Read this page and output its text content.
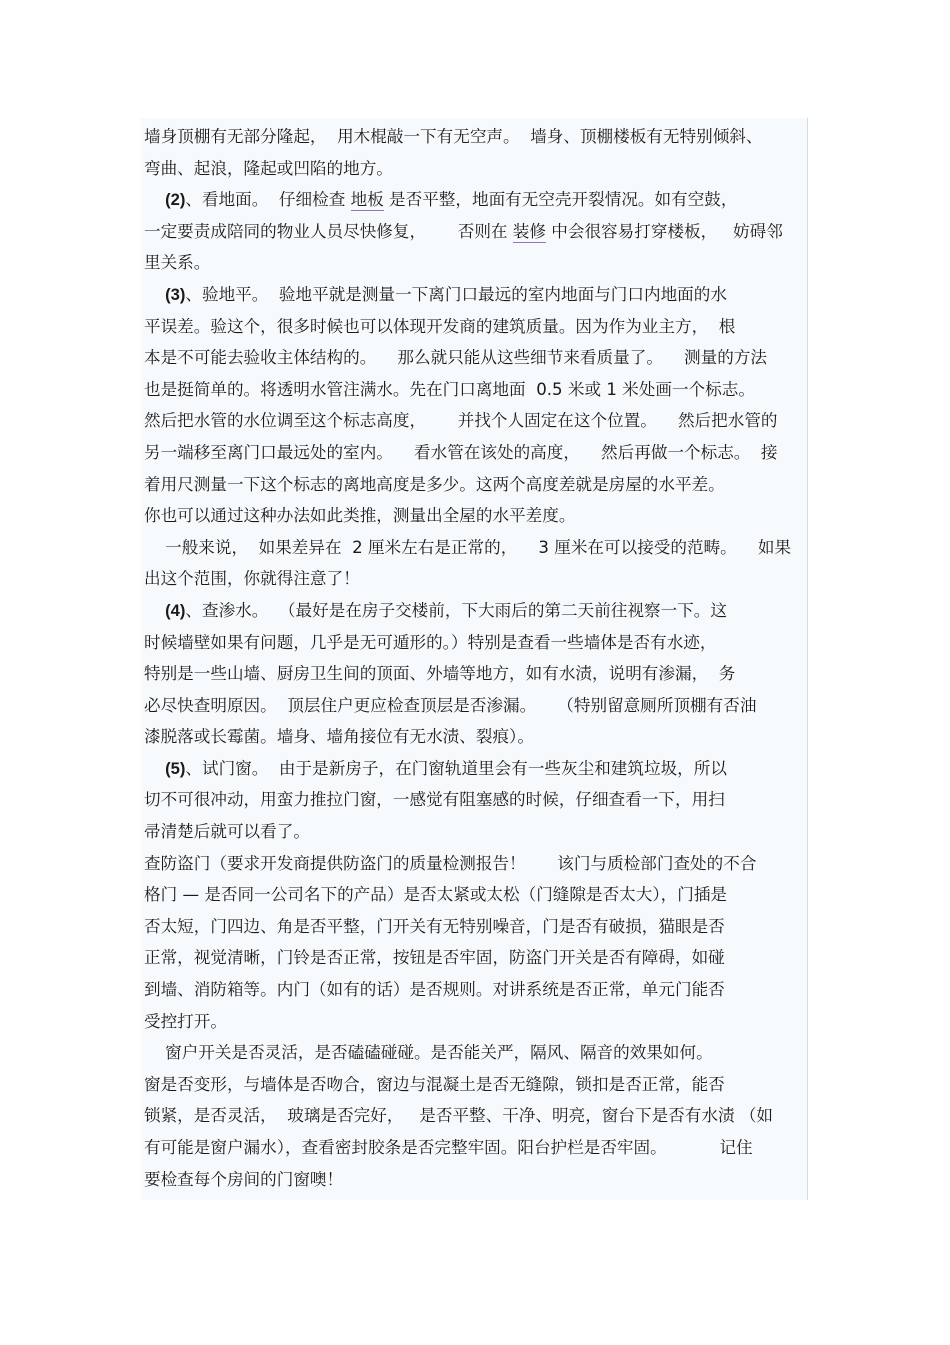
墙身顶棚有无部分隆起，  用木棍敲一下有无空声。  墙身、顶棚楼板有无特别倾斜、
弯曲、起浪，隆起或凹陷的地方。
(2)、看地面。  仔细检查 地板 是否平整，地面有无空壳开裂情况。如有空鼓，
一定要责成陪同的物业人员尽快修复，      否则在 装修 中会很容易打穿楼板，   妨碍邻
里关系。
(3)、验地平。  验地平就是测量一下离门口最远的室内地面与门口内地面的水
平误差。验这个，很多时候也可以体现开发商的建筑质量。因为作为业主方，  根
本是不可能去验收主体结构的。    那么就只能从这些细节来看质量了。    测量的方法
也是挺简单的。将透明水管注满水。先在门口离地面  0.5 米或 1 米处画一个标志。
然后把水管的水位调至这个标志高度，      并找个人固定在这个位置。    然后把水管的
另一端移至离门口最远处的室内。    看水管在该处的高度，    然后再做一个标志。  接
着用尺测量一下这个标志的离地高度是多少。这两个高度差就是房屋的水平差。
你也可以通过这种办法如此类推，测量出全屋的水平差度。
一般来说，  如果差异在  2 厘米左右是正常的，    3 厘米在可以接受的范畴。    如果
出这个范围，你就得注意了！
(4)、查渗水。  （最好是在房子交楼前，下大雨后的第二天前往视察一下。这
时候墙壁如果有问题，几乎是无可遁形的。）特别是查看一些墙体是否有水迹，
特别是一些山墙、厨房卫生间的顶面、外墙等地方，如有水渍，说明有渗漏，  务
必尽快查明原因。  顶层住户更应检查顶层是否渗漏。    （特别留意厕所顶棚有否油
漆脱落或长霉菌。墙身、墙角接位有无水渍、裂痕）。
(5)、试门窗。  由于是新房子，在门窗轨道里会有一些灰尘和建筑垃圾，所以
切不可很冲动，用蛮力推拉门窗，一感觉有阻塞感的时候，仔细查看一下，用扫
帚清楚后就可以看了。
查防盗门（要求开发商提供防盗门的质量检测报告！      该门与质检部门查处的不合
格门 — 是否同一公司名下的产品）是否太紧或太松（门缝隙是否太大），门插是
否太短，门四边、角是否平整，门开关有无特别噪音，门是否有破损，猫眼是否
正常，视觉清晰，门铃是否正常，按钮是否牢固，防盗门开关是否有障碍，如碰
到墙、消防箱等。内门（如有的话）是否规则。对讲系统是否正常，单元门能否
受控打开。
窗户开关是否灵活，是否磕磕碰碰。是否能关严，隔风、隔音的效果如何。
窗是否变形，与墙体是否吻合，窗边与混凝土是否无缝隙，锁扣是否正常，能否
锁紧，是否灵活，  玻璃是否完好，   是否平整、干净、明亮，窗台下是否有水渍 （如
有可能是窗户漏水），查看密封胶条是否完整牢固。阳台护栏是否牢固。          记住
要检查每个房间的门窗噢！
